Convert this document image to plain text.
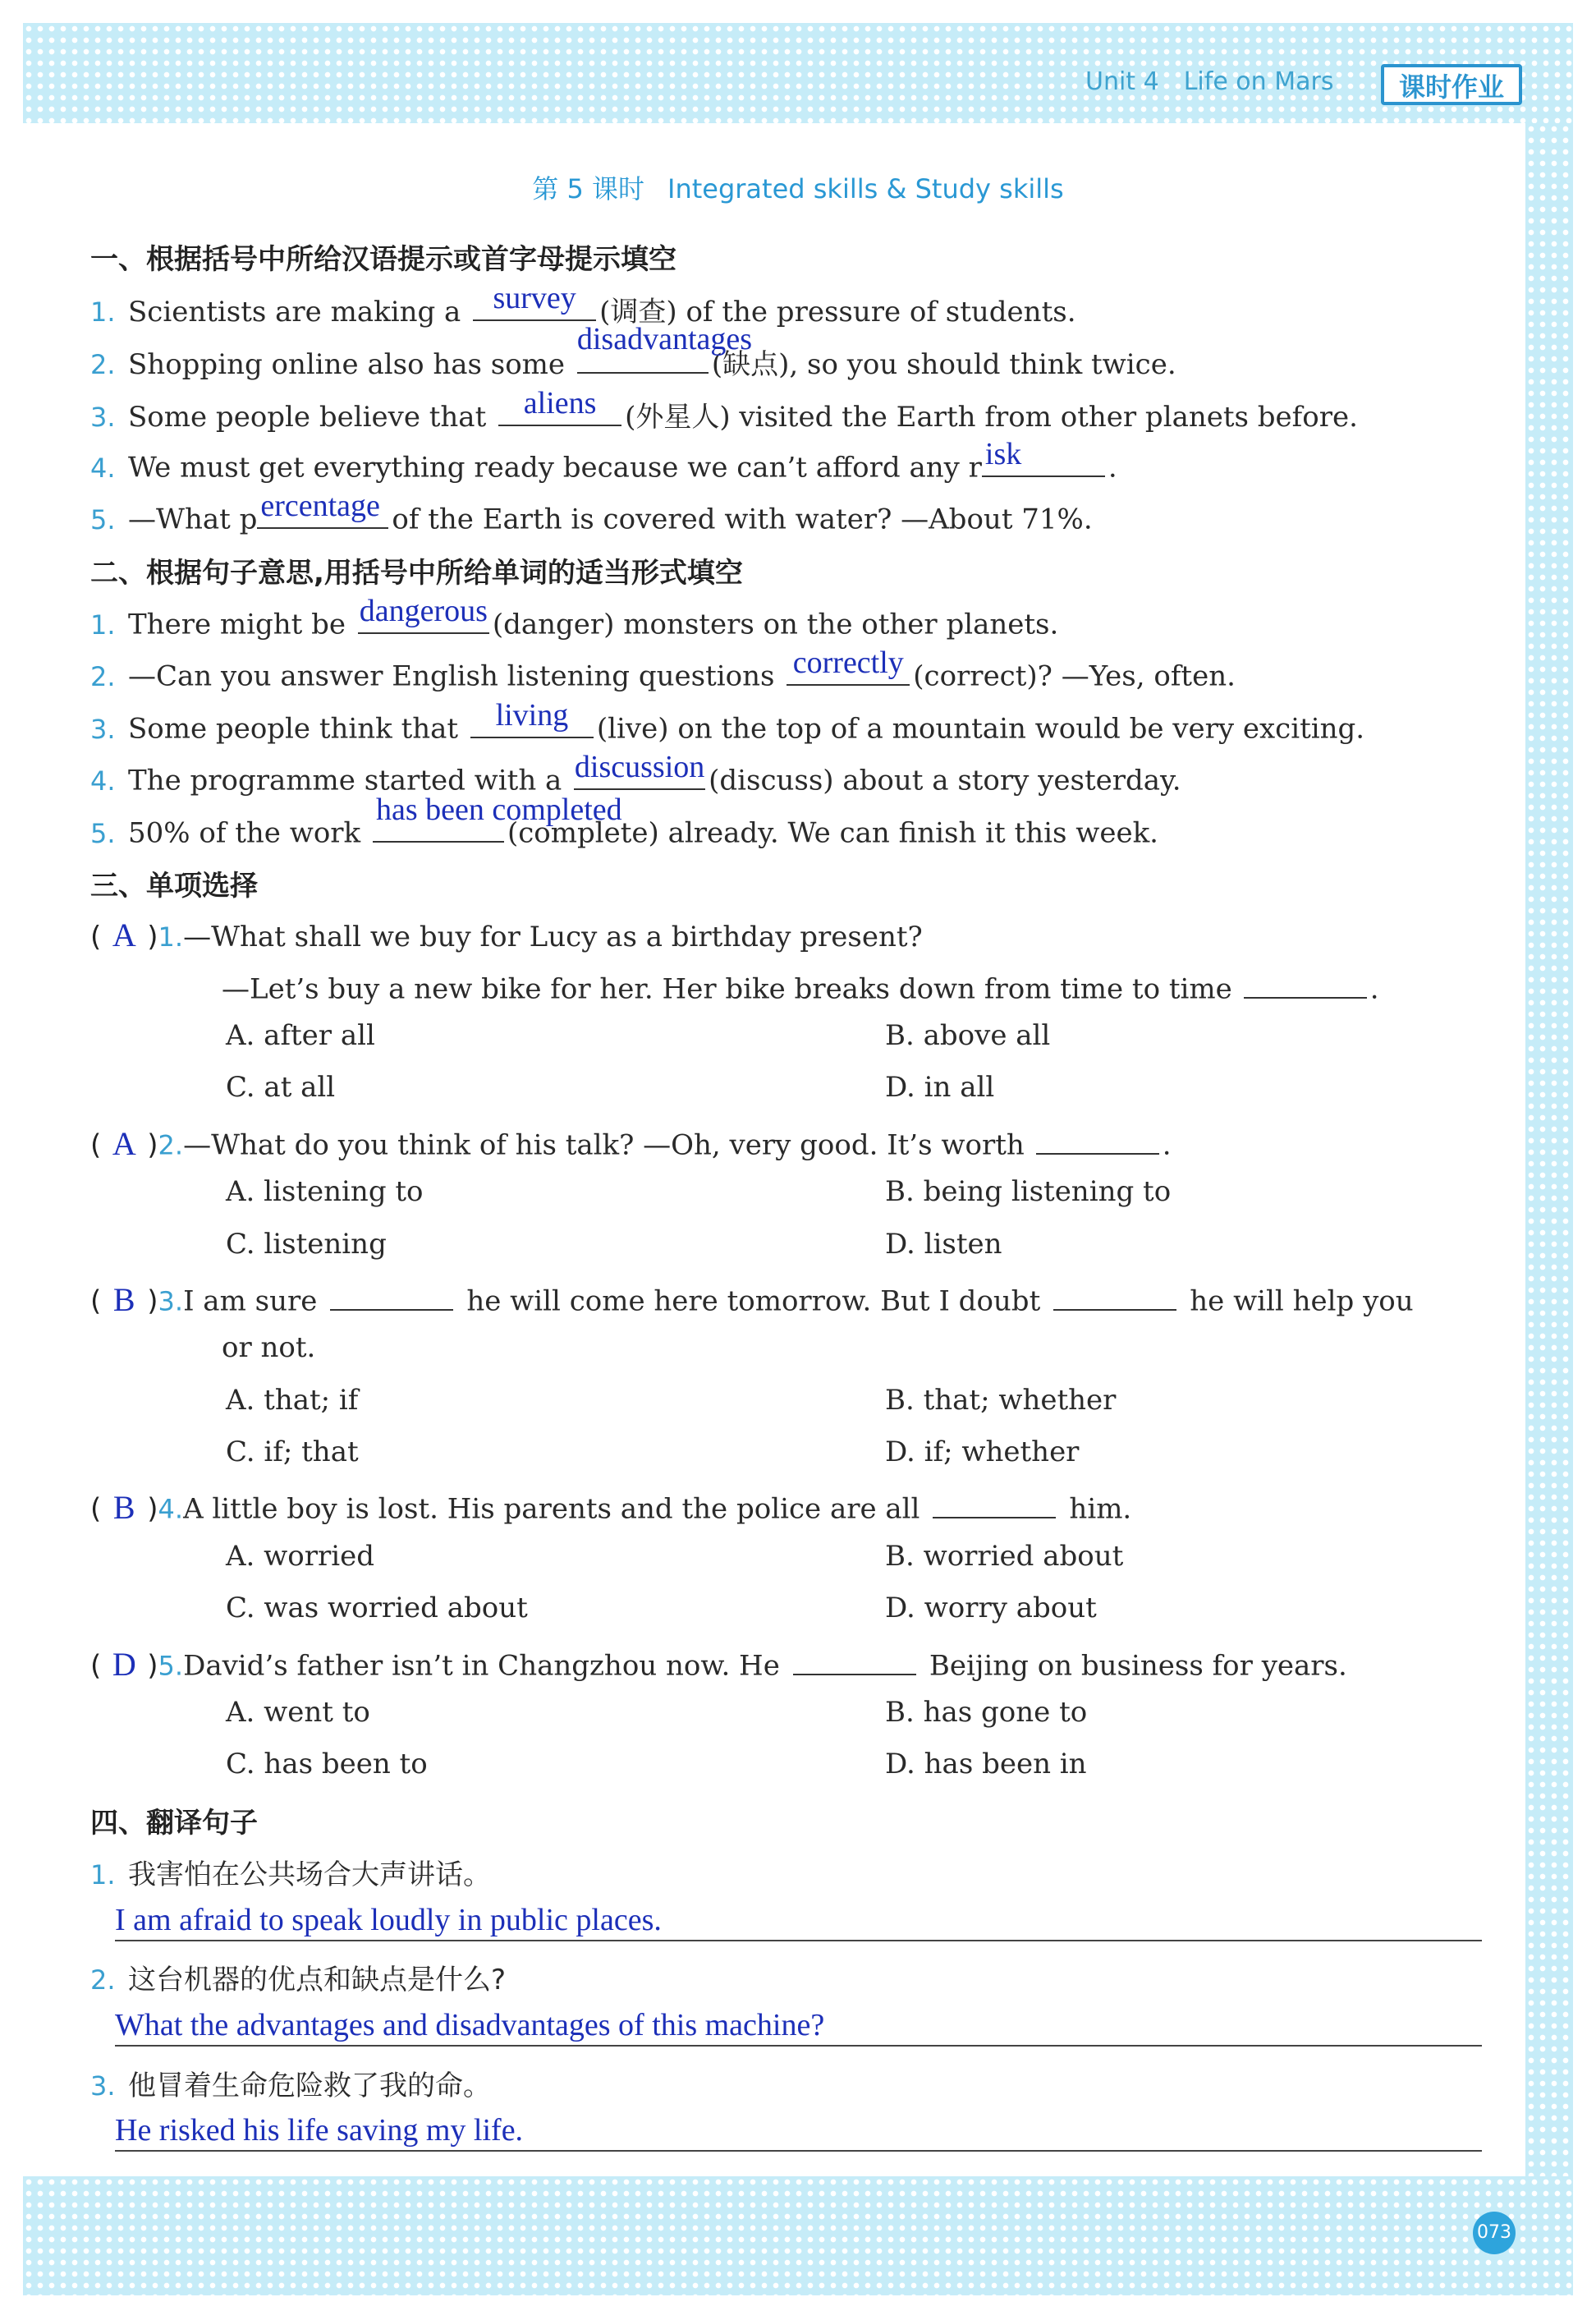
Unit 4 Life on Mars	课时作业
第 5 课时 Integrated skills & Study skills
一、根据括号中所给汉语提示或首字母提示填空
1. Scientists are making a	survey (调查) of the pressure of students.
2. Shopping online also has some
disadvantages
(缺点), so you should think twice.
3. Some people believe that	aliens	(外星人) visited the Earth from other planets before.
4. We must get everything ready because we can’t afford any r isk	.
5. —What p ercentage of the Earth is covered with water? —About 71%.
二、根据句子意思,用括号中所给单词的适当形式填空
1. There might be dangerous (danger) monsters on the other planets.
2. —Can you answer English listening questions correctly (correct)? —Yes, often.
3. Some people think that	living	(live) on the top of a mountain would be very exciting.
4. The programme started with a discussion (discuss) about a story yesterday.
5. 50% of the work
has been completed
(complete) already. We can finish it this week.
三、单项选择
( A )1.—What shall we buy for Lucy as a birthday present?
—Let’s buy a new bike for her. Her bike breaks down from time to time	.
A. after all	B. above all
C. at all	D. in all
( A )2.—What do you think of his talk? —Oh, very good. It’s worth	.
A. listening to	B. being listening to
C. listening	D. listen
( B )3.I am sure	he will come here tomorrow. But I doubt	he will help you
or not.
A. that; if	B. that; whether
C. if; that	D. if; whether
( B )4.A little boy is lost. His parents and the police are all	him.
A. worried	B. worried about
C. was worried about	D. worry about
( D )5.David’s father isn’t in Changzhou now. He	Beijing on business for years.
A. went to	B. has gone to
C. has been to	D. has been in
四、翻译句子
1. 我害怕在公共场合大声讲话。
I am afraid to speak loudly in public places.
2. 这台机器的优点和缺点是什么?
What the advantages and disadvantages of this machine?
3. 他冒着生命危险救了我的命。
He risked his life saving my life.
073
